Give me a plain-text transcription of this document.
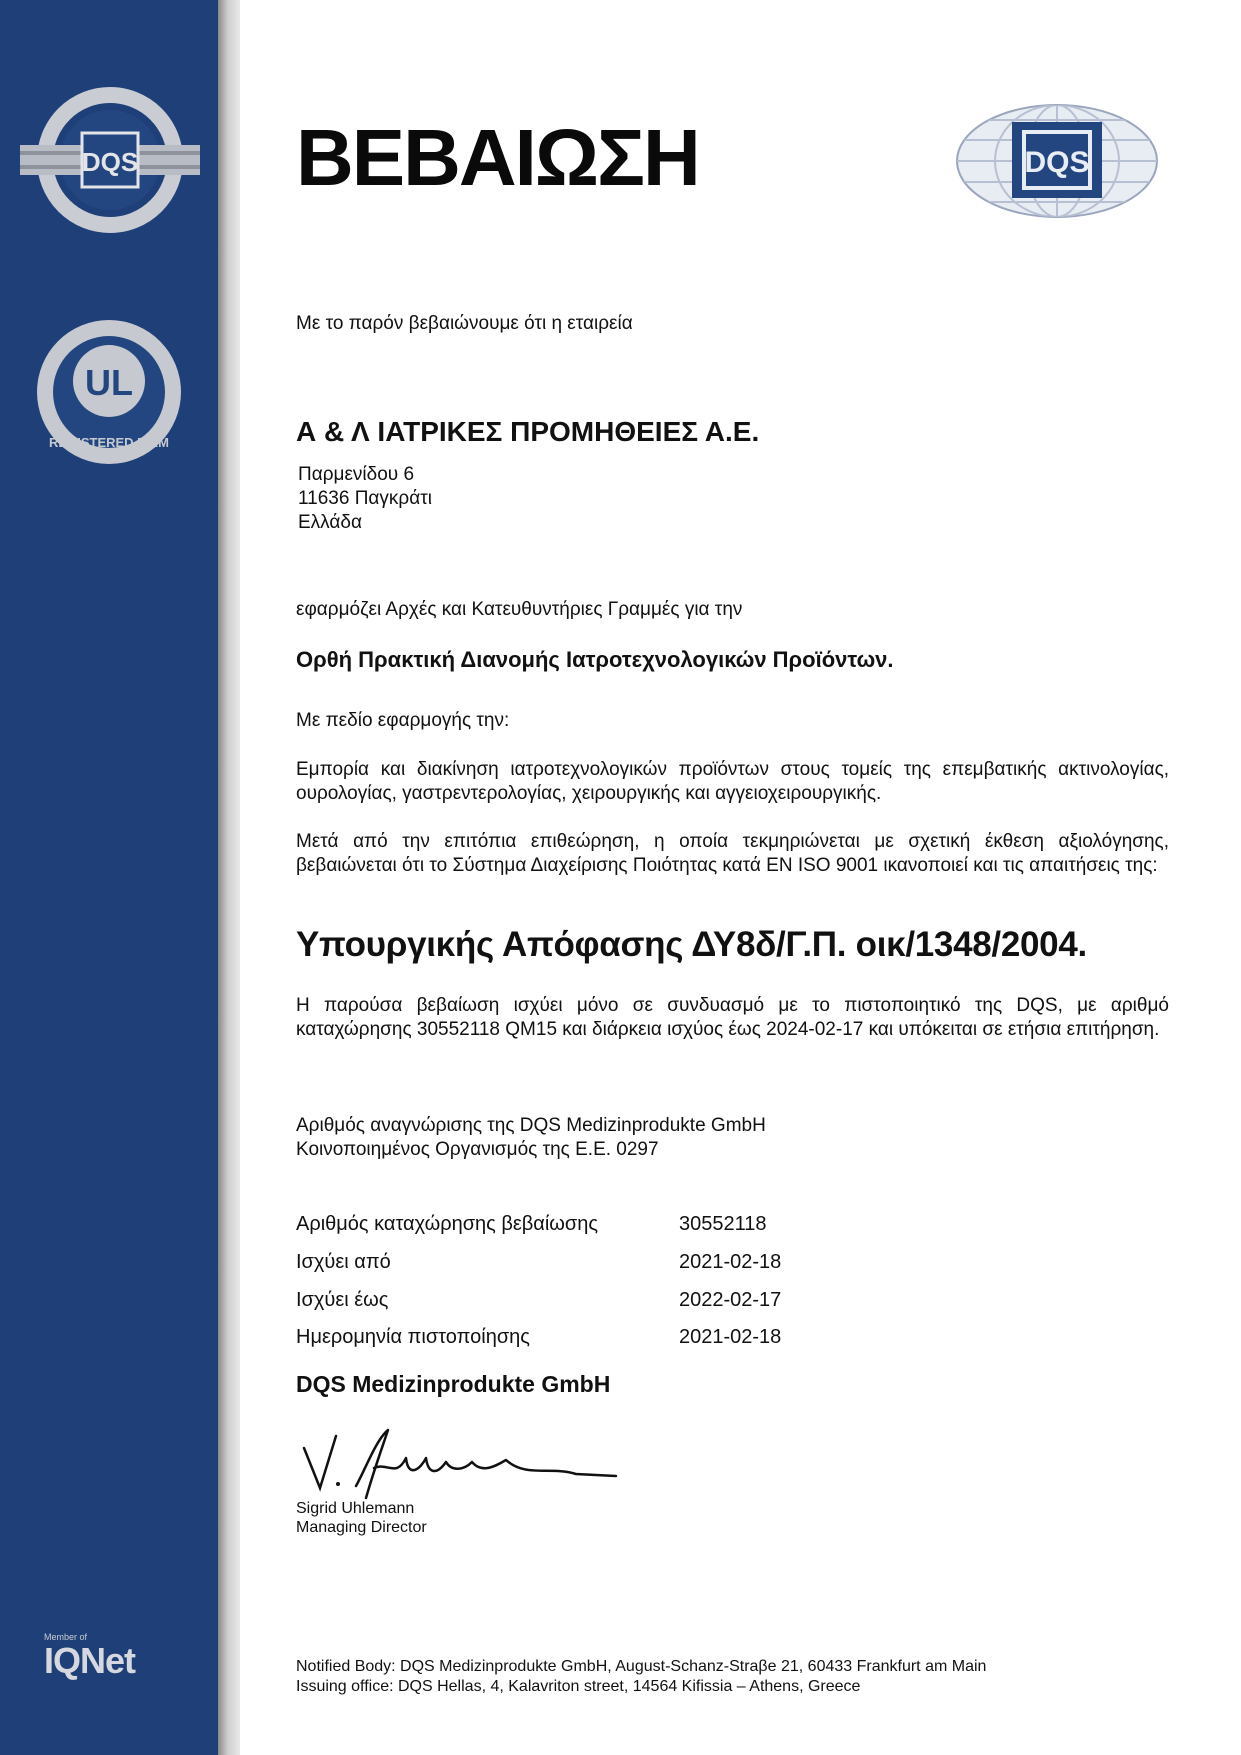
DQS
UL
REGISTERED FIRM
Member of
IQNet
DQS
ΒΕΒΑΙΩΣΗ
Με το παρόν βεβαιώνουμε ότι η εταιρεία
Α & Λ ΙΑΤΡΙΚΕΣ ΠΡΟΜΗΘΕΙΕΣ Α.Ε.
Παρμενίδου 6
11636 Παγκράτι
Ελλάδα
εφαρμόζει Αρχές και Κατευθυντήριες Γραμμές για την
Ορθή Πρακτική Διανομής Ιατροτεχνολογικών Προϊόντων.
Με πεδίο εφαρμογής την:
Εμπορία και διακίνηση ιατροτεχνολογικών προϊόντων στους τομείς της επεμβατικής ακτινολογίας, ουρολογίας, γαστρεντερολογίας, χειρουργικής και αγγειοχειρουργικής.
Μετά από την επιτόπια επιθεώρηση, η οποία τεκμηριώνεται με σχετική έκθεση αξιολόγησης, βεβαιώνεται ότι το Σύστημα Διαχείρισης Ποιότητας κατά EN ISO 9001 ικανοποιεί και τις απαιτήσεις της:
Υπουργικής Απόφασης ΔΥ8δ/Γ.Π. οικ/1348/2004.
Η παρούσα βεβαίωση ισχύει μόνο σε συνδυασμό με το πιστοποιητικό της DQS, με αριθμό καταχώρησης 30552118 QM15 και διάρκεια ισχύος έως 2024-02-17 και υπόκειται σε ετήσια επιτήρηση.
Αριθμός αναγνώρισης της DQS Medizinprodukte GmbH
Κοινοποιημένος Οργανισμός της Ε.Ε. 0297
Αριθμός καταχώρησης βεβαίωσης	30552118
Ισχύει από	2021-02-18
Ισχύει έως	2022-02-17
Ημερομηνία πιστοποίησης	2021-02-18
DQS Medizinprodukte GmbH
Sigrid Uhlemann
Managing Director
Notified Body: DQS Medizinprodukte GmbH, August-Schanz-Straβe 21, 60433 Frankfurt am Main
Issuing office: DQS Hellas, 4, Kalavriton street, 14564 Kifissia – Athens, Greece
